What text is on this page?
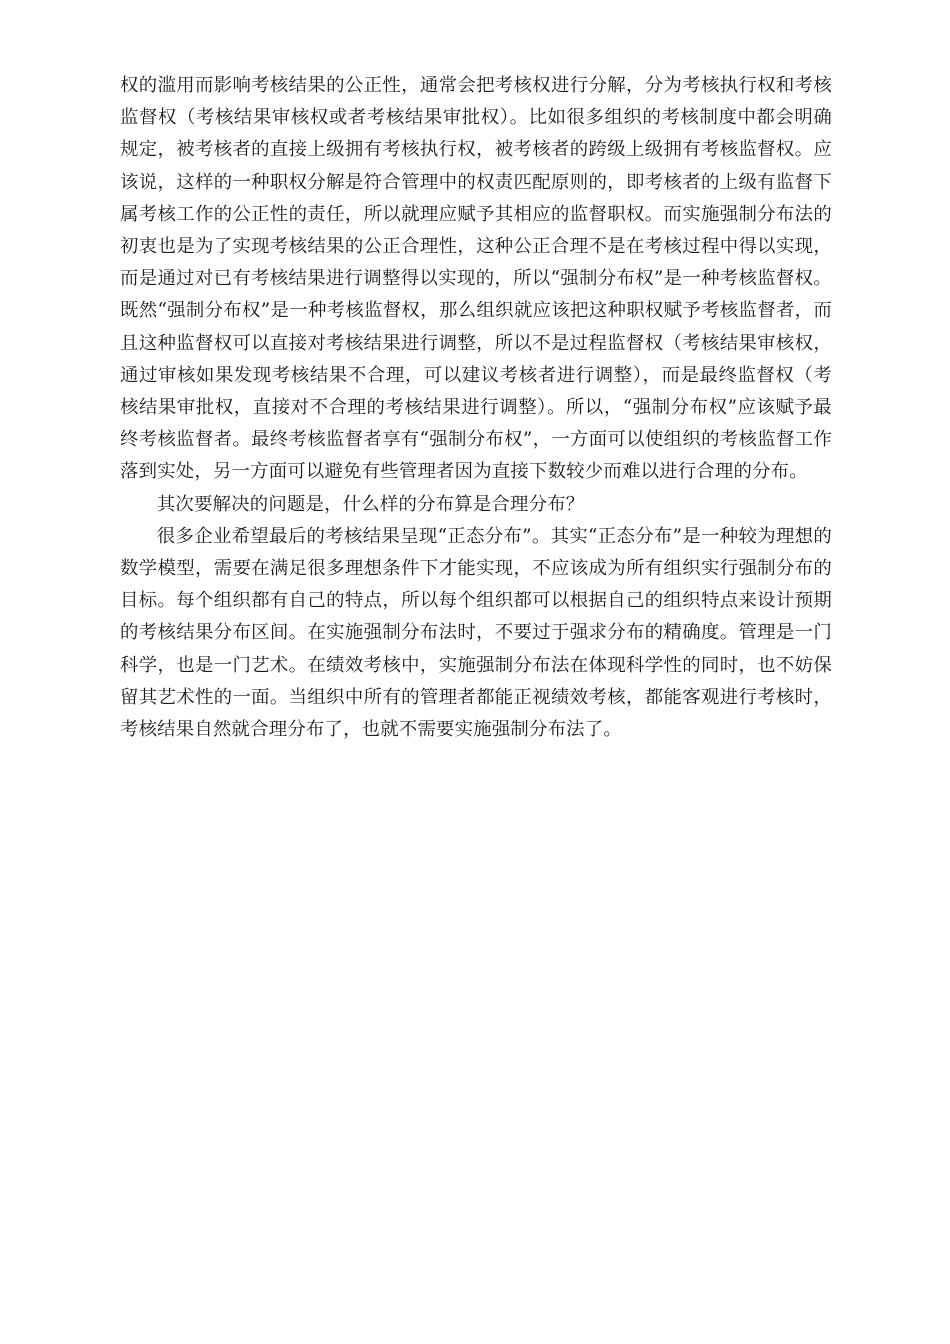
权的滥用而影响考核结果的公正性，通常会把考核权进行分解，分为考核执行权和考核监督权（考核结果审核权或者考核结果审批权）。比如很多组织的考核制度中都会明确规定，被考核者的直接上级拥有考核执行权，被考核者的跨级上级拥有考核监督权。应该说，这样的一种职权分解是符合管理中的权责匹配原则的，即考核者的上级有监督下属考核工作的公正性的责任，所以就理应赋予其相应的监督职权。而实施强制分布法的初衷也是为了实现考核结果的公正合理性，这种公正合理不是在考核过程中得以实现，而是通过对已有考核结果进行调整得以实现的，所以“强制分布权”是一种考核监督权。既然“强制分布权”是一种考核监督权，那么组织就应该把这种职权赋予考核监督者，而且这种监督权可以直接对考核结果进行调整，所以不是过程监督权（考核结果审核权，通过审核如果发现考核结果不合理，可以建议考核者进行调整），而是最终监督权（考核结果审批权，直接对不合理的考核结果进行调整）。所以，“强制分布权”应该赋予最终考核监督者。最终考核监督者享有“强制分布权”，一方面可以使组织的考核监督工作落到实处，另一方面可以避免有些管理者因为直接下数较少而难以进行合理的分布。

其次要解决的问题是，什么样的分布算是合理分布？

很多企业希望最后的考核结果呈现“正态分布”。其实“正态分布”是一种较为理想的数学模型，需要在满足很多理想条件下才能实现，不应该成为所有组织实行强制分布的目标。每个组织都有自己的特点，所以每个组织都可以根据自己的组织特点来设计预期的考核结果分布区间。在实施强制分布法时，不要过于强求分布的精确度。管理是一门科学，也是一门艺术。在绩效考核中，实施强制分布法在体现科学性的同时，也不妨保留其艺术性的一面。当组织中所有的管理者都能正视绩效考核，都能客观进行考核时，考核结果自然就合理分布了，也就不需要实施强制分布法了。
